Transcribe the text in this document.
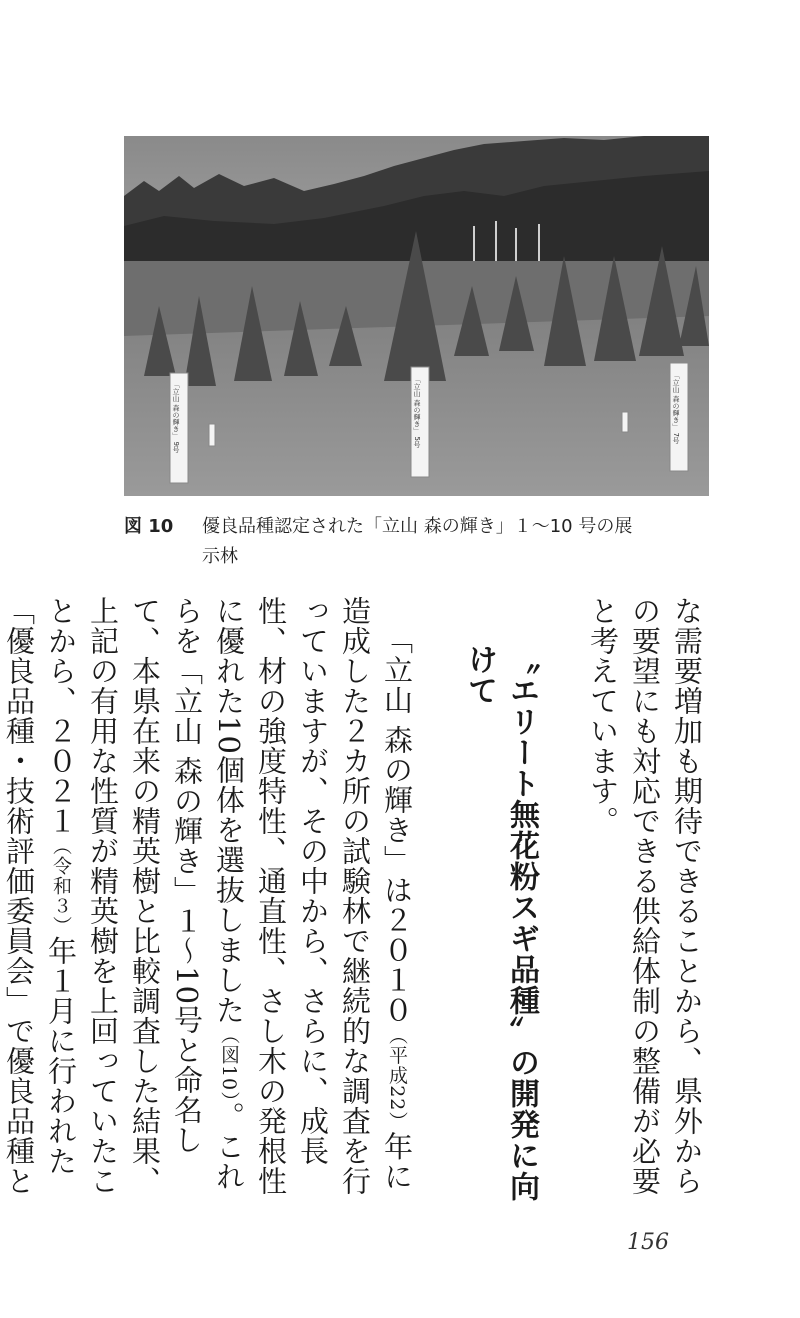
「立山 森の輝き」 9号	「立山 森の輝き」 5号	「立山 森の輝き」 7号
図 10 優良品種認定された「立山 森の輝き」１～10 号の展
示林

な需要増加も期待できることから、県外からの要望にも対応できる供給体制の整備が必要と考えています。

〝エリート無花粉スギ品種〟の開発に向けて

「立山 森の輝き」は２０１０（平成22）年に造成した２カ所の試験林で継続的な調査を行っていますが、その中から、さらに、成長性、材の強度特性、通直性、さし木の発根性に優れた10個体を選抜しました（図10）。これらを「立山 森の輝き」１～10号と命名して、本県在来の精英樹と比較調査した結果、上記の有用な性質が精英樹を上回っていたことから、２０２１（令和３）年１月に行われた「優良品種・技術評価委員会」で優良品種と

156
